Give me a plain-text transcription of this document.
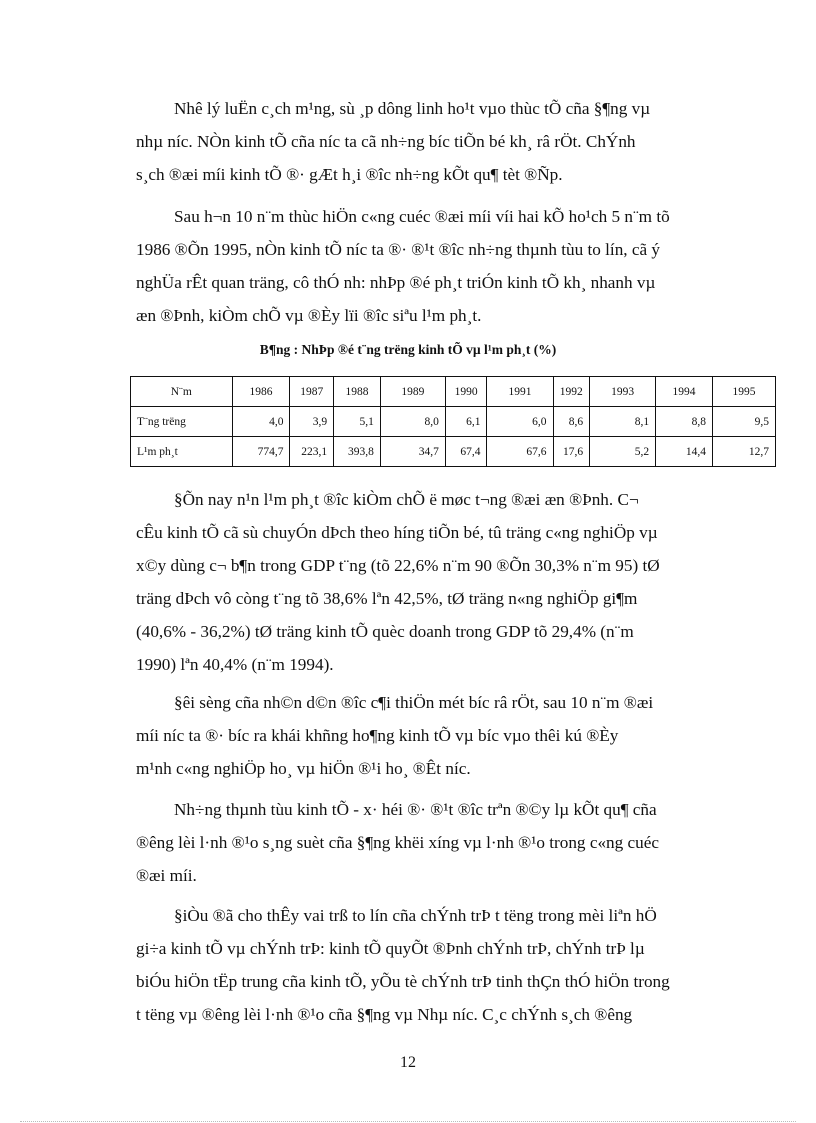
Nhê lý luËn c¸ch m¹ng, sù ¸p dông linh ho¹t vµo thùc tÕ cña §¶ng vµ
nhµ níc. NÒn kinh tÕ cña níc ta cã nh÷ng bíc tiÕn bé kh¸ râ rÖt. ChÝnh
s¸ch ®æi míi kinh tÕ ®· gÆt h¸i ®îc nh÷ng kÕt qu¶ tèt ®Ñp.

Sau h¬n 10 n¨m thùc hiÖn c«ng cuéc ®æi míi víi hai kÕ ho¹ch 5 n¨m tõ
1986 ®Õn 1995, nÒn kinh tÕ níc ta ®· ®¹t ®îc nh÷ng thµnh tùu to lín, cã ý
nghÜa rÊt quan träng, cô thÓ nh: nhÞp ®é ph¸t triÓn kinh tÕ kh¸ nhanh vµ
æn ®Þnh, kiÒm chÕ vµ ®Èy lïi ®îc siªu l¹m ph¸t.

B¶ng : NhÞp ®é t¨ng trëng kinh tÕ vµ l¹m ph¸t (%)

N¨m	1986	1987	1988	1989	1990	1991	1992	1993	1994	1995
T¨ng trëng	4,0	3,9	5,1	8,0	6,1	6,0	8,6	8,1	8,8	9,5
L¹m ph¸t	774,7	223,1	393,8	34,7	67,4	67,6	17,6	5,2	14,4	12,7

§Õn nay n¹n l¹m ph¸t ®îc kiÒm chÕ ë møc t¬ng ®æi æn ®Þnh. C¬
cÊu kinh tÕ cã sù chuyÓn dÞch theo híng tiÕn bé, tû träng c«ng nghiÖp vµ
x©y dùng c¬ b¶n trong GDP t¨ng (tõ 22,6% n¨m 90 ®Õn 30,3% n¨m 95) tØ
träng dÞch vô còng t¨ng tõ 38,6% lªn 42,5%, tØ träng n«ng nghiÖp gi¶m
(40,6% - 36,2%) tØ träng kinh tÕ quèc doanh trong GDP tõ 29,4% (n¨m
1990) lªn 40,4% (n¨m 1994).

§êi sèng cña nh©n d©n ®îc c¶i thiÖn mét bíc râ rÖt, sau 10 n¨m ®æi
míi níc ta ®· bíc ra khái khñng ho¶ng kinh tÕ vµ bíc vµo thêi kú ®Èy
m¹nh c«ng nghiÖp ho¸ vµ hiÖn ®¹i ho¸ ®Êt níc.

Nh÷ng thµnh tùu kinh tÕ - x· héi ®· ®¹t ®îc trªn ®©y lµ kÕt qu¶ cña
®êng lèi l·nh ®¹o s¸ng suèt cña §¶ng khëi xíng vµ l·nh ®¹o trong c«ng cuéc
®æi míi.

§iÒu ®ã cho thÊy vai trß to lín cña chÝnh trÞ t tëng trong mèi liªn hÖ
gi÷a kinh tÕ vµ chÝnh trÞ: kinh tÕ quyÕt ®Þnh chÝnh trÞ, chÝnh trÞ lµ
biÓu hiÖn tËp trung cña kinh tÕ, yÕu tè chÝnh trÞ tinh thÇn thÓ hiÖn trong
t tëng vµ ®êng lèi l·nh ®¹o cña §¶ng vµ Nhµ níc. C¸c chÝnh s¸ch ®êng

12
